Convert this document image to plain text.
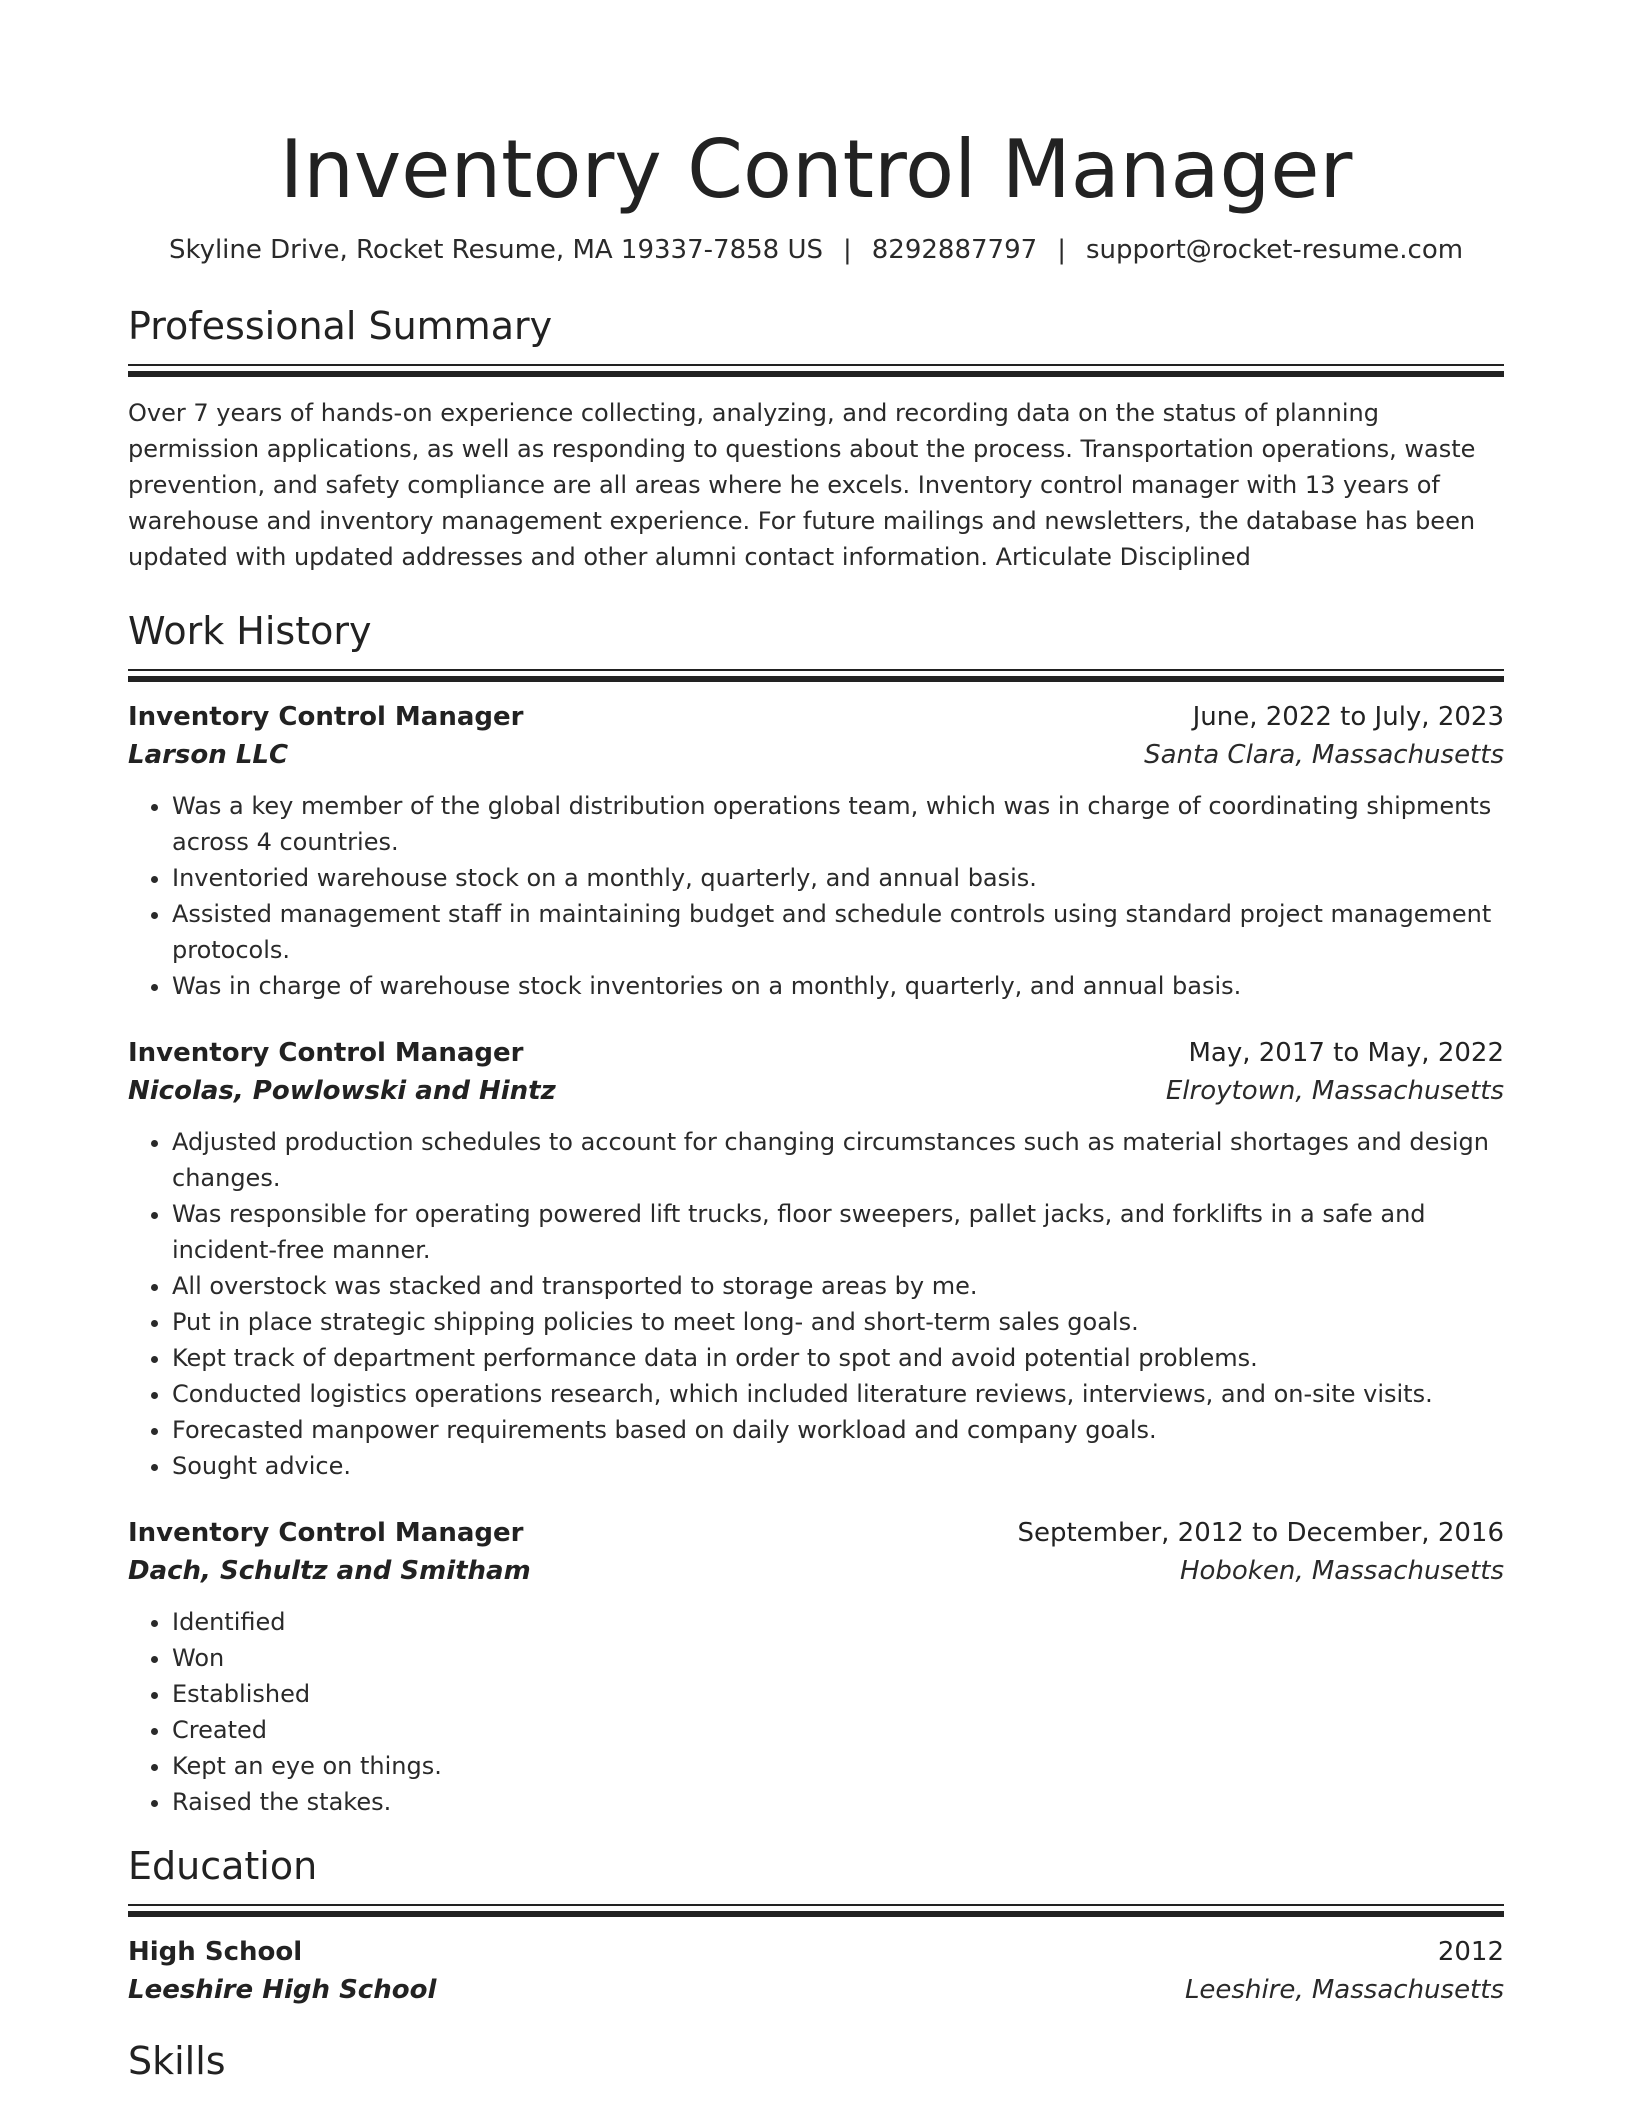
Inventory Control Manager
Skyline Drive, Rocket Resume, MA 19337-7858 US | 8292887797 | support@rocket-resume.com
Professional Summary

Over 7 years of hands-on experience collecting, analyzing, and recording data on the status of planning permission applications, as well as responding to questions about the process. Transportation operations, waste prevention, and safety compliance are all areas where he excels. Inventory control manager with 13 years of warehouse and inventory management experience. For future mailings and newsletters, the database has been updated with updated addresses and other alumni contact information. Articulate Disciplined

Work History
Inventory Control Manager	June, 2022 to July, 2023
Larson LLC	Santa Clara, Massachusetts
• Was a key member of the global distribution operations team, which was in charge of coordinating shipments across 4 countries.
• Inventoried warehouse stock on a monthly, quarterly, and annual basis.
• Assisted management staff in maintaining budget and schedule controls using standard project management protocols.
• Was in charge of warehouse stock inventories on a monthly, quarterly, and annual basis.
Inventory Control Manager	May, 2017 to May, 2022
Nicolas, Powlowski and Hintz	Elroytown, Massachusetts
• Adjusted production schedules to account for changing circumstances such as material shortages and design changes.
• Was responsible for operating powered lift trucks, floor sweepers, pallet jacks, and forklifts in a safe and incident-free manner.
• All overstock was stacked and transported to storage areas by me.
• Put in place strategic shipping policies to meet long- and short-term sales goals.
• Kept track of department performance data in order to spot and avoid potential problems.
• Conducted logistics operations research, which included literature reviews, interviews, and on-site visits.
• Forecasted manpower requirements based on daily workload and company goals.
• Sought advice.
Inventory Control Manager	September, 2012 to December, 2016
Dach, Schultz and Smitham	Hoboken, Massachusetts
• Identified
• Won
• Established
• Created
• Kept an eye on things.
• Raised the stakes.
Education
High School	2012
Leeshire High School	Leeshire, Massachusetts
Skills
